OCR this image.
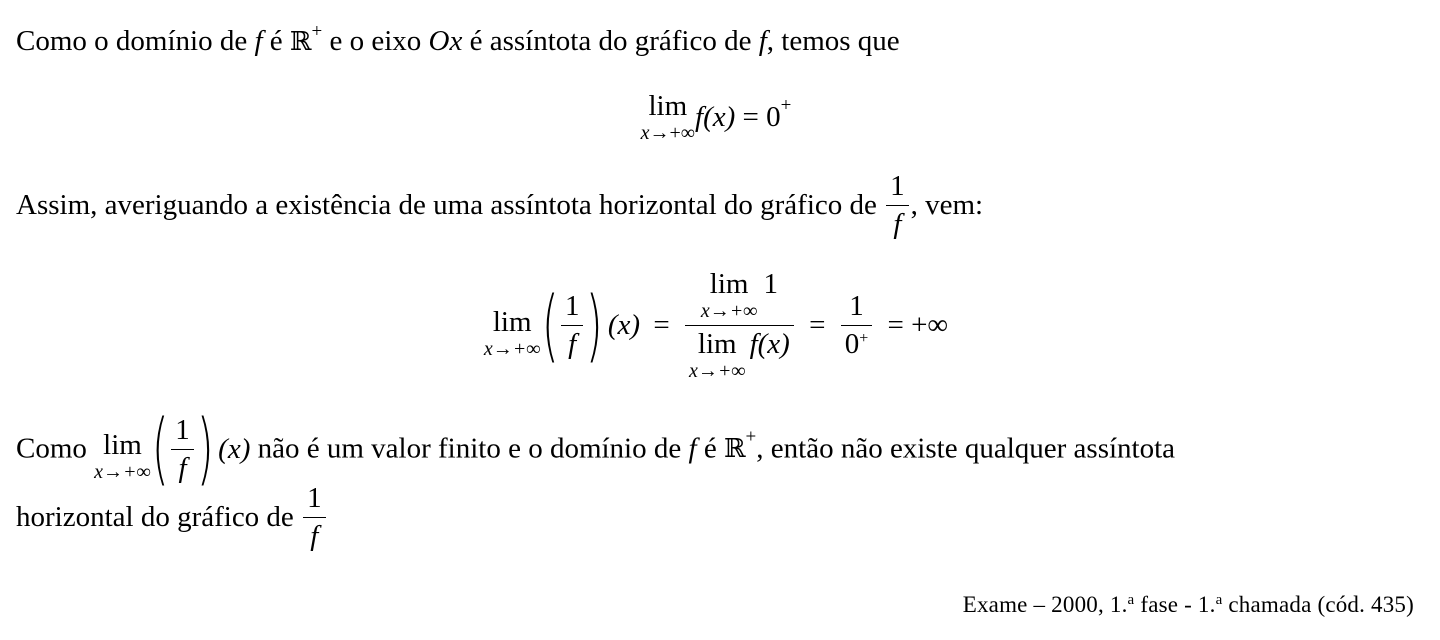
Como o domínio de f é ℝ+ e o eixo Ox é assíntota do gráfico de f, temos que
lim
x→+∞ f(x) = 0+
Assim, averiguando a existência de uma assíntota horizontal do gráfico de $\frac{1}{f}$ , vem:
lim
x→+∞ ( $\frac{1}{f}$ ) (x) = lim
x→+∞
1
lim
x→+∞
$f(x) = \frac{1}{0^+}$ = +∞
Como lim
x→+∞ ( $\frac{1}{f}$ ) (x) não é um valor finito e o domínio de f é ℝ+, então não existe qualquer assíntota
horizontal do gráfico de $\frac{1}{f}$
Exame – 2000, 1.$^a$ fase - 1.$^a$ chamada (cód. 435)
